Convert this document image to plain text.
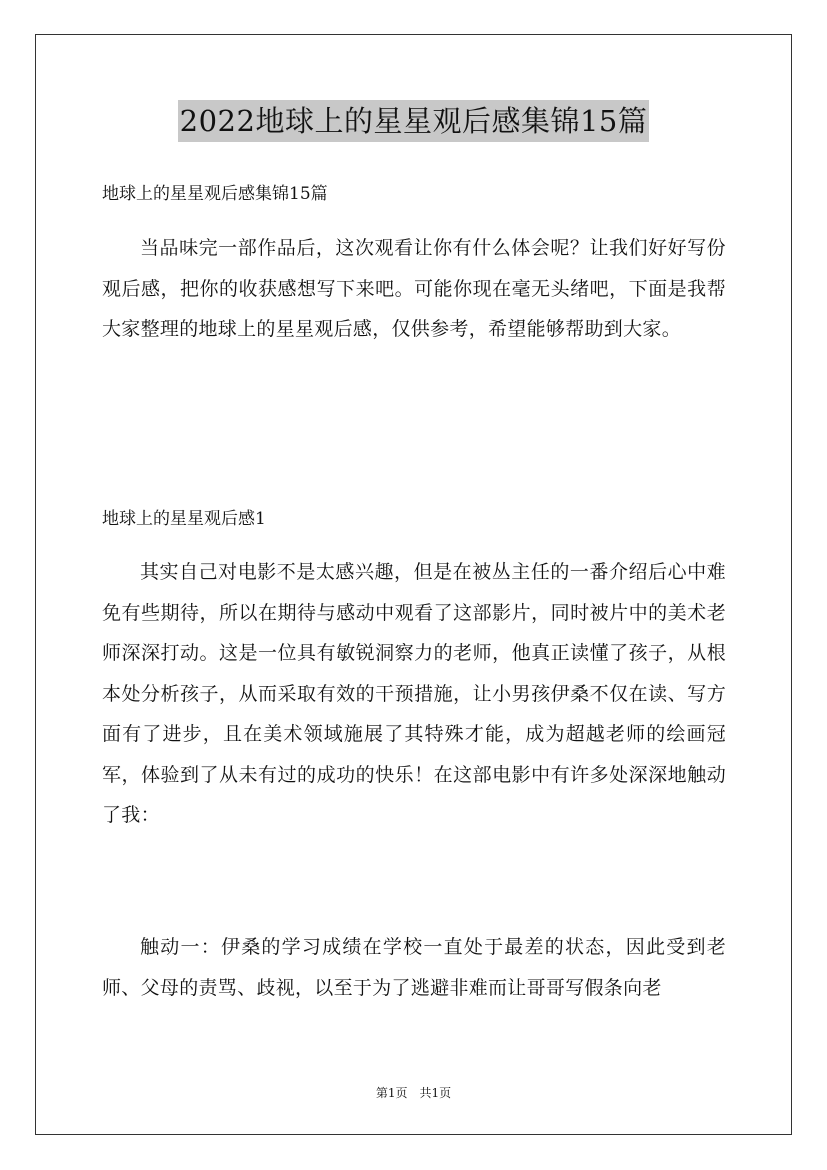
2022地球上的星星观后感集锦15篇
地球上的星星观后感集锦15篇

当品味完一部作品后，这次观看让你有什么体会呢？让我们好好写份观后感，把你的收获感想写下来吧。可能你现在毫无头绪吧，下面是我帮大家整理的地球上的星星观后感，仅供参考，希望能够帮助到大家。

地球上的星星观后感1

其实自己对电影不是太感兴趣，但是在被丛主任的一番介绍后心中难免有些期待，所以在期待与感动中观看了这部影片，同时被片中的美术老师深深打动。这是一位具有敏锐洞察力的老师，他真正读懂了孩子，从根本处分析孩子，从而采取有效的干预措施，让小男孩伊桑不仅在读、写方面有了进步，且在美术领域施展了其特殊才能，成为超越老师的绘画冠军，体验到了从未有过的成功的快乐！在这部电影中有许多处深深地触动了我：

触动一：伊桑的学习成绩在学校一直处于最差的状态，因此受到老师、父母的责骂、歧视，以至于为了逃避非难而让哥哥写假条向老

第1页　共1页
